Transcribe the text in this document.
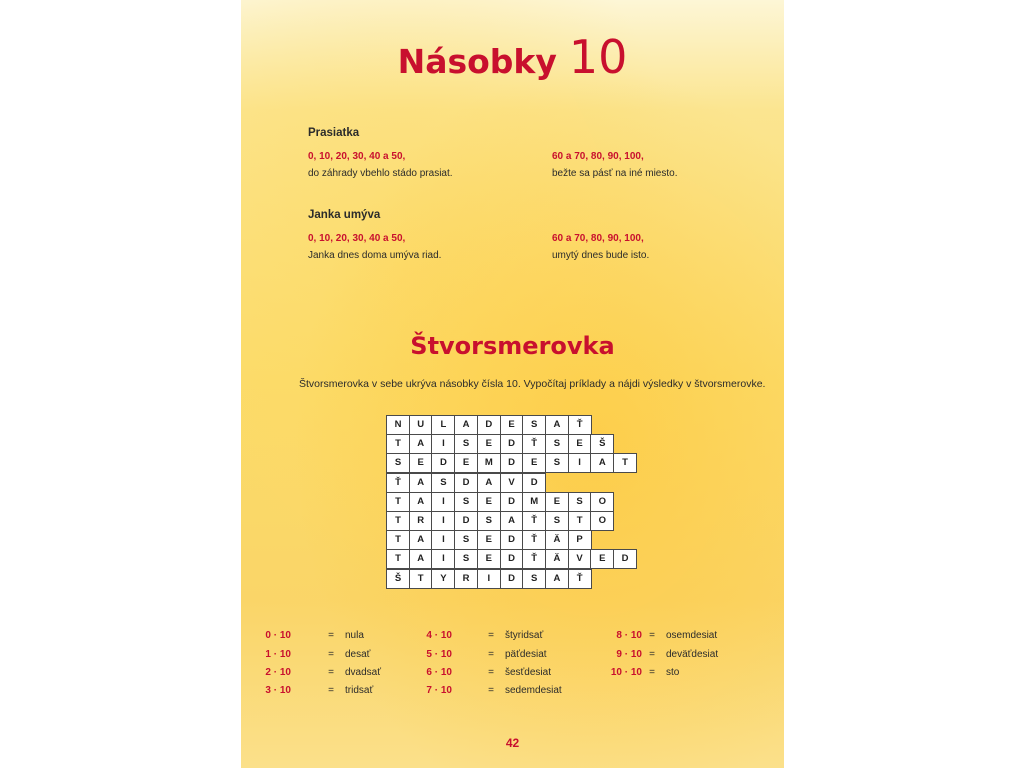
Násobky 10
Prasiatka
0, 10, 20, 30, 40 a 50,
do záhrady vbehlo stádo prasiat.
60 a 70, 80, 90, 100,
bežte sa pásť na iné miesto.
Janka umýva
0, 10, 20, 30, 40 a 50,
Janka dnes doma umýva riad.
60 a 70, 80, 90, 100,
umytý dnes bude isto.
Štvorsmerovka
Štvorsmerovka v sebe ukrýva násobky čísla 10. Vypočítaj príklady a nájdi výsledky v štvorsmerovke.
N	U	L	A	D	E	S	A	Ť
T	A	I	S	E	D	Ť	S	E	Š
S	E	D	E	M	D	E	S	I	A	T
Ť	A	S	D	A	V	D
T	A	I	S	E	D	M	E	S	O
T	R	I	D	S	A	Ť	S	T	O
T	A	I	S	E	D	Ť	Ä	P
T	A	I	S	E	D	Ť	Ä	V	E	D
Š	T	Y	R	I	D	S	A	Ť
0 · 10	=	nula
1 · 10	=	desať
2 · 10	=	dvadsať
3 · 10	=	tridsať
4 · 10	=	štyridsať
5 · 10	=	päťdesiat
6 · 10	=	šesťdesiat
7 · 10	=	sedemdesiat
8 · 10 =	osemdesiat
9 · 10 =	deväťdesiat
10 · 10 =	sto
42
